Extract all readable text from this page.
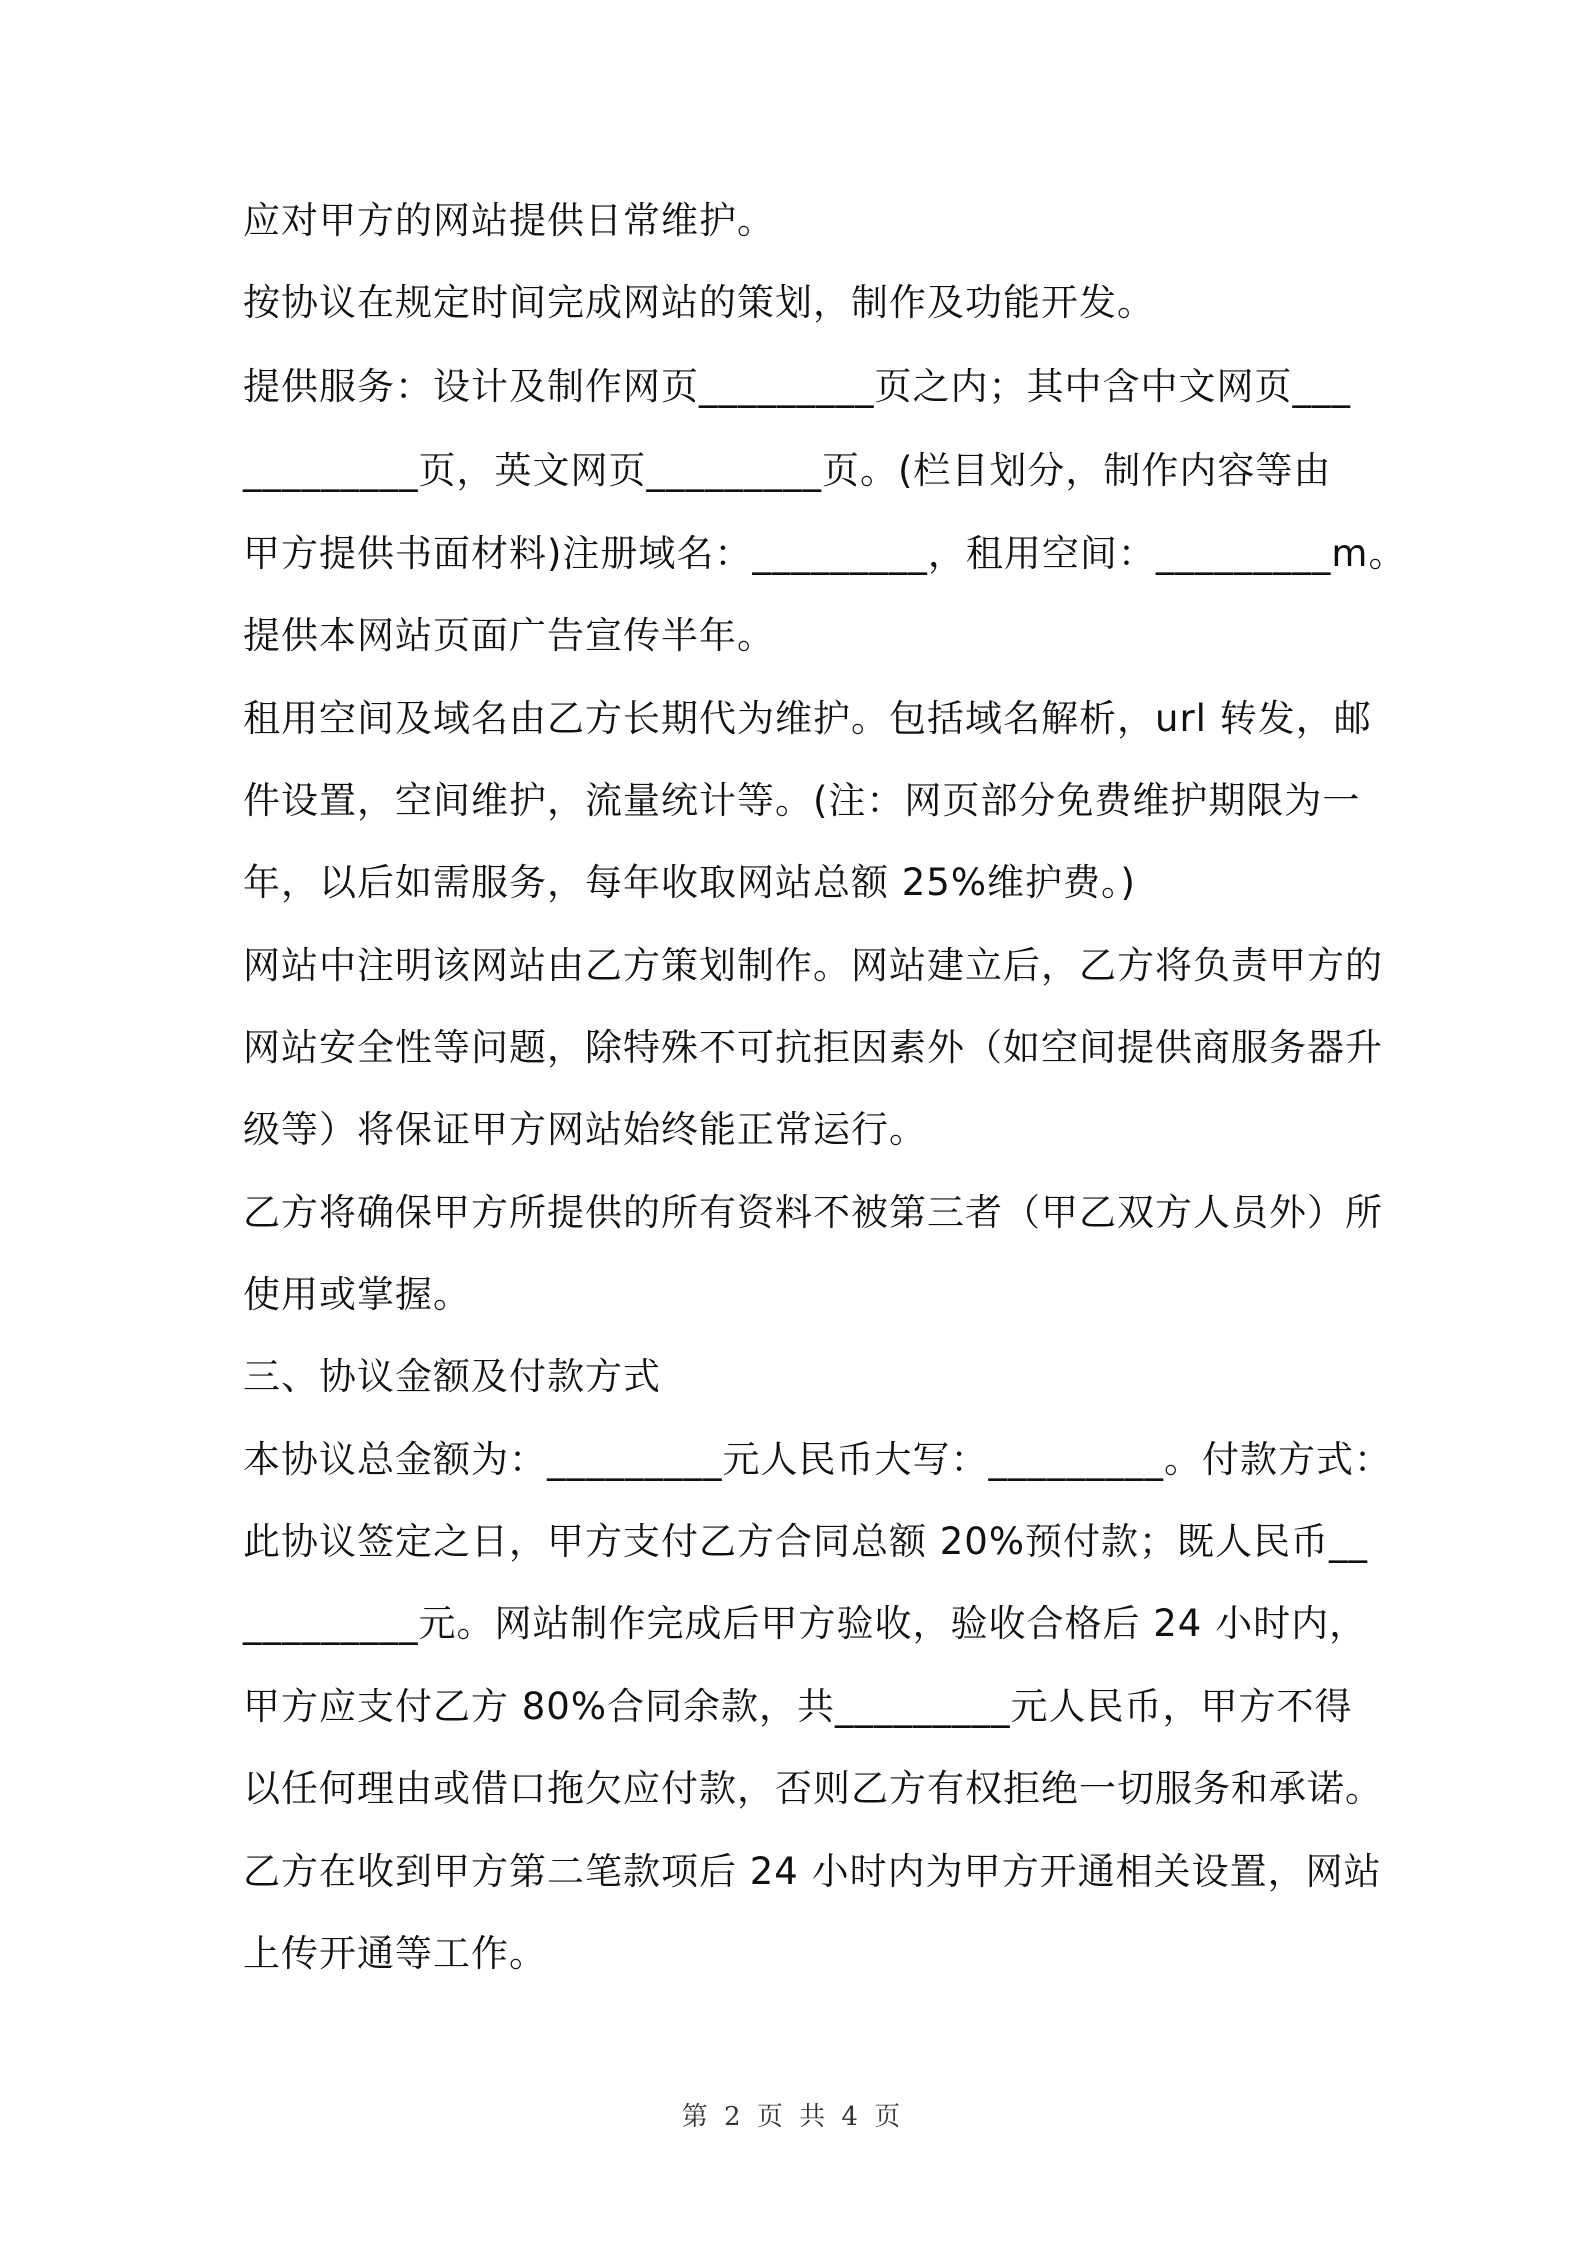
应对甲方的网站提供日常维护。
按协议在规定时间完成网站的策划，制作及功能开发。
提供服务：设计及制作网页_________页之内；其中含中文网页___
_________页，英文网页_________页。(栏目划分，制作内容等由
甲方提供书面材料)注册域名：_________，租用空间：_________m。
提供本网站页面广告宣传半年。
租用空间及域名由乙方长期代为维护。包括域名解析，url 转发，邮
件设置，空间维护，流量统计等。(注：网页部分免费维护期限为一
年，以后如需服务，每年收取网站总额 25%维护费。)
网站中注明该网站由乙方策划制作。网站建立后，乙方将负责甲方的
网站安全性等问题，除特殊不可抗拒因素外（如空间提供商服务器升
级等）将保证甲方网站始终能正常运行。
乙方将确保甲方所提供的所有资料不被第三者（甲乙双方人员外）所
使用或掌握。
三、协议金额及付款方式
本协议总金额为：_________元人民币大写：_________。付款方式：
此协议签定之日，甲方支付乙方合同总额 20%预付款；既人民币__
_________元。网站制作完成后甲方验收，验收合格后 24 小时内，
甲方应支付乙方 80%合同余款，共_________元人民币，甲方不得
以任何理由或借口拖欠应付款，否则乙方有权拒绝一切服务和承诺。
乙方在收到甲方第二笔款项后 24 小时内为甲方开通相关设置，网站
上传开通等工作。
第 2 页 共 4 页
